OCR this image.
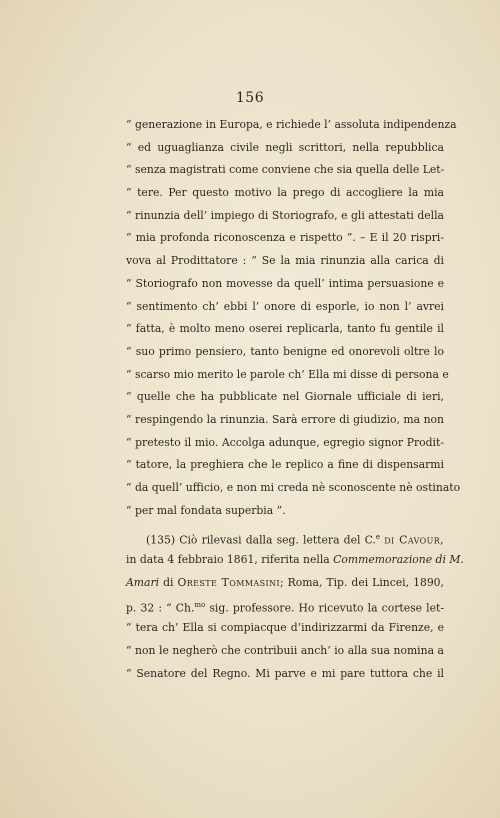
156
“ generazione in Europa, e richiede l’ assoluta indipendenza
“ ed uguaglianza civile negli scrittori, nella repubblica
“ senza magistrati come conviene che sia quella delle Let-
“ tere. Per questo motivo la prego di accogliere la mia
“ rinunzia dell’ impiego di Storiografo, e gli attestati della
“ mia profonda riconoscenza e rispetto ”. – E il 20 rispri-
vova al Prodittatore : “ Se la mia rinunzia alla carica di
“ Storiografo non movesse da quell’ intima persuasione e
“ sentimento ch’ ebbi l’ onore di esporle, io non l’ avrei
“ fatta, è molto meno oserei replicarla, tanto fu gentile il
“ suo primo pensiero, tanto benigne ed onorevoli oltre lo
“ scarso mio merito le parole ch’ Ella mi disse di persona e
“ quelle che ha pubblicate nel Giornale ufficiale di ieri,
“ respingendo la rinunzia. Sarà errore di giudizio, ma non
“ pretesto il mio. Accolga adunque, egregio signor Prodit-
“ tatore, la preghiera che le replico a fine di dispensarmi
“ da quell’ ufficio, e non mi creda nè sconoscente nè ostinato
“ per mal fondata superbia ”.
(135) Ciò rilevasi dalla seg. lettera del C.$^e$ di Cavour,
in data 4 febbraio 1861, riferita nella Commemorazione di M.
Amari di Oreste Tommasini; Roma, Tip. dei Lincei, 1890,
p. 32 : “ Ch.$^{mo}$ sig. professore. Ho ricevuto la cortese let-
“ tera ch’ Ella si compiacque d’indirizzarmi da Firenze, e
“ non le negherò che contribuii anch’ io alla sua nomina a
“ Senatore del Regno. Mi parve e mi pare tuttora che il
